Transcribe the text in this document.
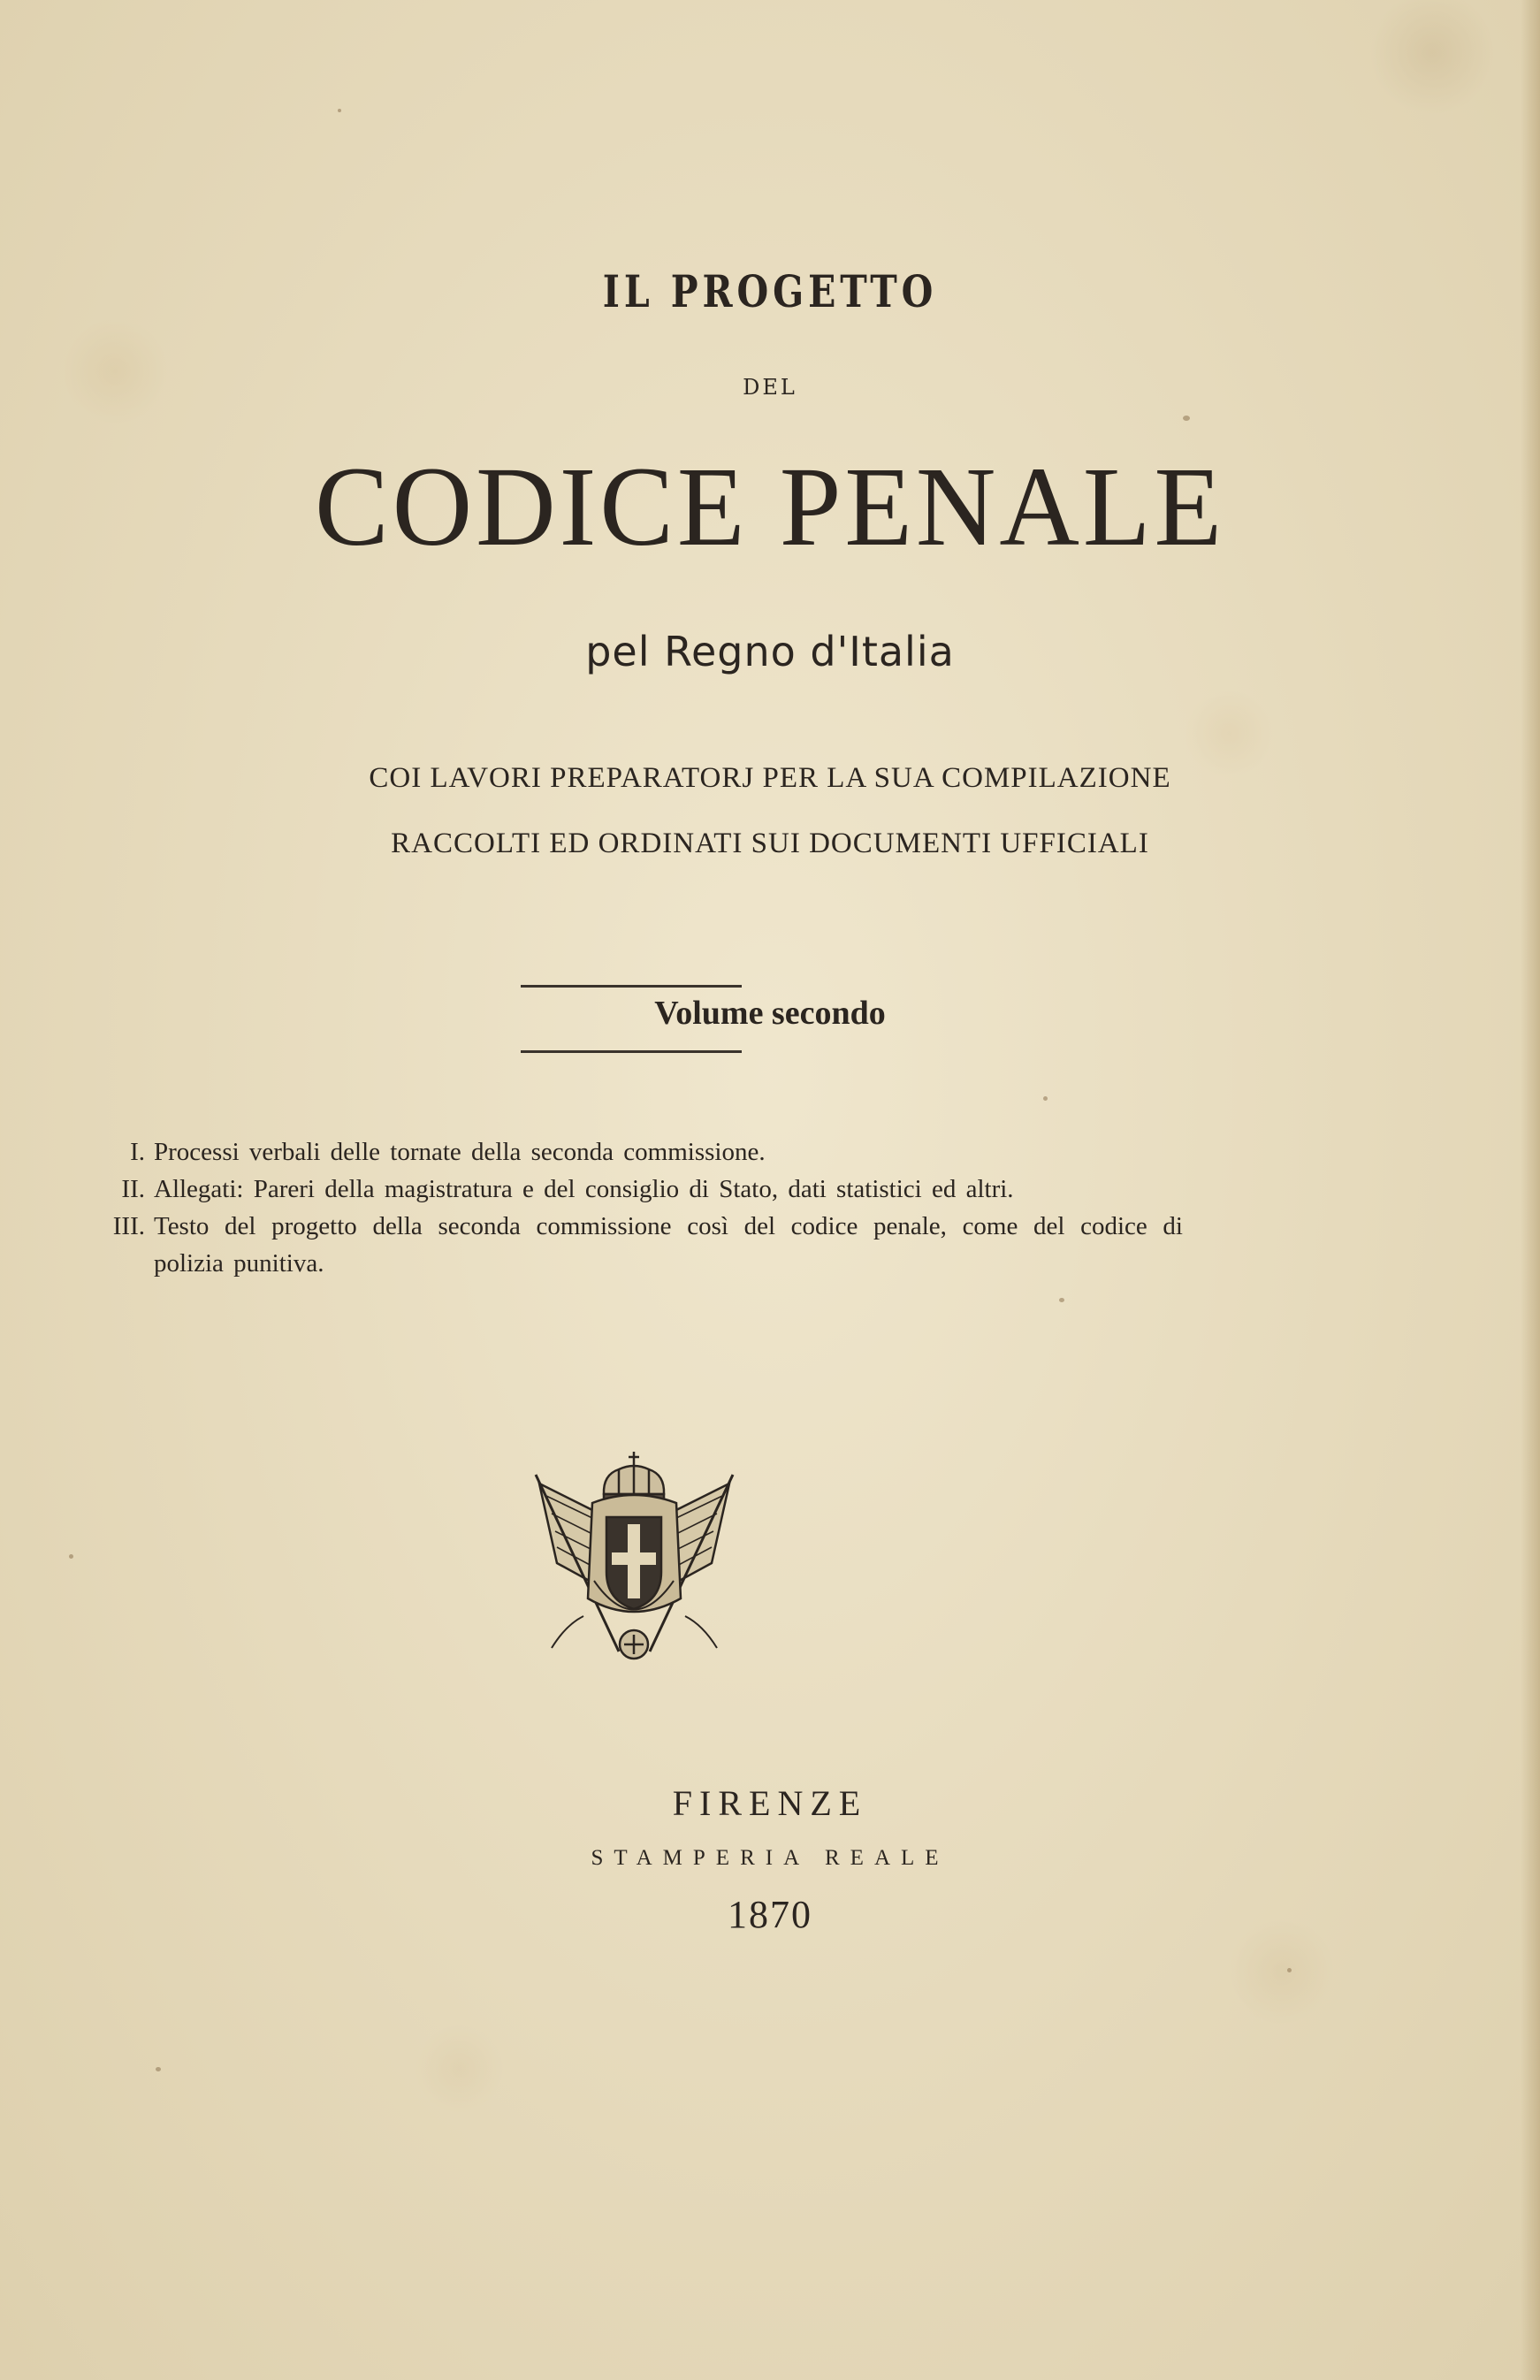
IL PROGETTO
DEL
CODICE PENALE
pel Regno d'Italia
COI LAVORI PREPARATORJ PER LA SUA COMPILAZIONE
RACCOLTI ED ORDINATI SUI DOCUMENTI UFFICIALI
Volume secondo
I. Processi verbali delle tornate della seconda commissione.
II. Allegati: Pareri della magistratura e del consiglio di Stato, dati statistici ed altri.
III. Testo del progetto della seconda commissione così del codice penale, come del codice di polizia punitiva.
FIRENZE
STAMPERIA REALE
1870
